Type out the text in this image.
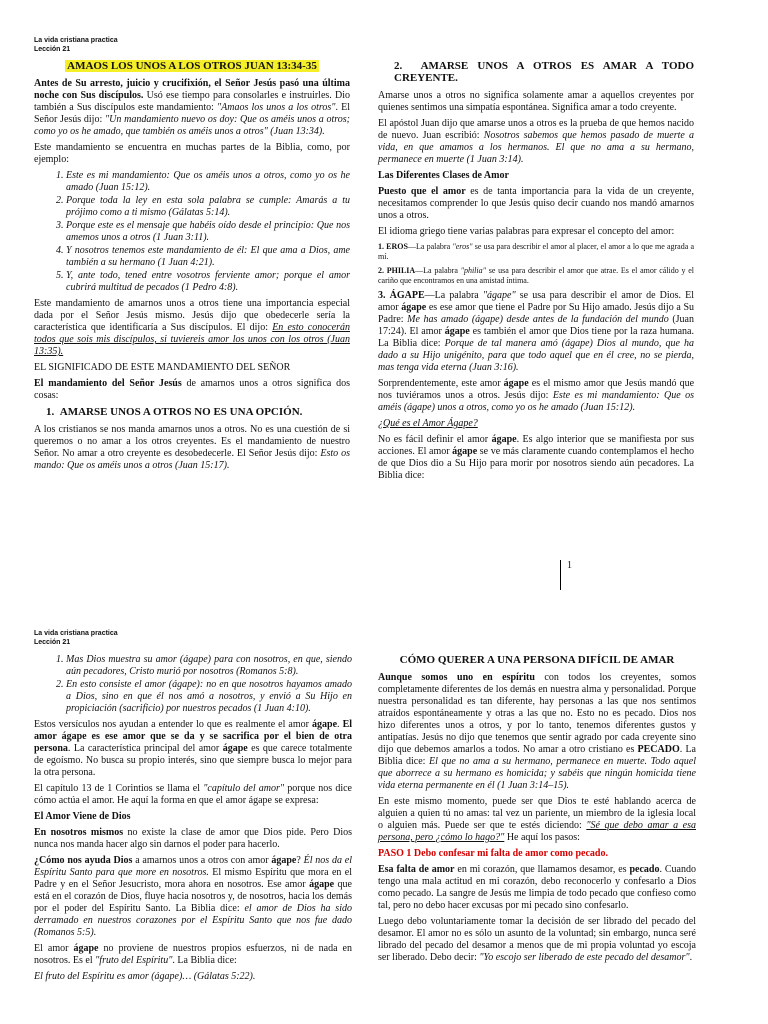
La vida cristiana practica
Lección 21
AMAOS LOS UNOS A LOS OTROS JUAN 13:34-35

Antes de Su arresto, juicio y crucifixión, el Señor Jesús pasó una última noche con Sus discípulos. Usó ese tiempo para consolarles e instruirles. Dio también a Sus discípulos este mandamiento: "Amaos los unos a los otros". El Señor Jesús dijo: "Un mandamiento nuevo os doy: Que os améis unos a otros; como yo os he amado, que también os améis unos a otros" (Juan 13:34).

Este mandamiento se encuentra en muchas partes de la Biblia, como, por ejemplo:

1. Este es mi mandamiento: Que os améis unos a otros, como yo os he amado (Juan 15:12).
2. Porque toda la ley en esta sola palabra se cumple: Amarás a tu prójimo como a ti mismo (Gálatas 5:14).
3. Porque este es el mensaje que habéis oído desde el principio: Que nos amemos unos a otros (1 Juan 3:11).
4. Y nosotros tenemos este mandamiento de él: El que ama a Dios, ame también a su hermano (1 Juan 4:21).
5. Y, ante todo, tened entre vosotros ferviente amor; porque el amor cubrirá multitud de pecados (1 Pedro 4:8).

Este mandamiento de amarnos unos a otros tiene una importancia especial dada por el Señor Jesús mismo. Jesús dijo que obedecerle sería la característica que identificaría a Sus discípulos. El dijo: En esto conocerán todos que sois mis discípulos, si tuviereis amor los unos con los otros (Juan 13:35).

EL SIGNIFICADO DE ESTE MANDAMIENTO DEL SEÑOR

El mandamiento del Señor Jesús de amarnos unos a otros significa dos cosas:

1. AMARSE UNOS A OTROS NO ES UNA OPCIÓN.

A los cristianos se nos manda amarnos unos a otros. No es una cuestión de si queremos o no amar a los otros creyentes. Es el mandamiento de nuestro Señor. No amar a otro creyente es desobedecerle. El Señor Jesús dijo: Esto os mando: Que os améis unos a otros (Juan 15:17).

2. AMARSE UNOS A OTROS ES AMAR A TODO CREYENTE.

Amarse unos a otros no significa solamente amar a aquellos creyentes por quienes sentimos una simpatía espontánea. Significa amar a todo creyente.

El apóstol Juan dijo que amarse unos a otros es la prueba de que hemos nacido de nuevo. Juan escribió: Nosotros sabemos que hemos pasado de muerte a vida, en que amamos a los hermanos. El que no ama a su hermano, permanece en muerte (1 Juan 3:14).

Las Diferentes Clases de Amor

Puesto que el amor es de tanta importancia para la vida de un creyente, necesitamos comprender lo que Jesús quiso decir cuando nos mandó amarnos unos a otros.

El idioma griego tiene varias palabras para expresar el concepto del amor:

1. EROS—La palabra "eros" se usa para describir el amor al placer, el amor a lo que me agrada a mí.

2. PHILIA—La palabra "philia" se usa para describir el amor que atrae. Es el amor cálido y el cariño que encontramos en una amistad íntima.

3. ÁGAPE—La palabra "ágape" se usa para describir el amor de Dios. El amor ágape es ese amor que tiene el Padre por Su Hijo amado. Jesús dijo a Su Padre: Me has amado (ágape) desde antes de la fundación del mundo (Juan 17:24). El amor ágape es también el amor que Dios tiene por la raza humana. La Biblia dice: Porque de tal manera amó (ágape) Dios al mundo, que ha dado a su Hijo unigénito, para que todo aquel que en él cree, no se pierda, mas tenga vida eterna (Juan 3:16).

Sorprendentemente, este amor ágape es el mismo amor que Jesús mandó que nos tuviéramos unos a otros. Jesús dijo: Este es mi mandamiento: Que os améis (ágape) unos a otros, como yo os he amado (Juan 15:12).

¿Qué es el Amor Ágape?

No es fácil definir el amor ágape. Es algo interior que se manifiesta por sus acciones. El amor ágape se ve más claramente cuando contemplamos el hecho de que Dios dio a Su Hijo para morir por nosotros siendo aún pecadores. La Biblia dice:

1
La vida cristiana practica
Lección 21
1. Mas Dios muestra su amor (ágape) para con nosotros, en que, siendo aún pecadores, Cristo murió por nosotros (Romanos 5:8).
2. En esto consiste el amor (ágape): no en que nosotros hayamos amado a Dios, sino en que él nos amó a nosotros, y envió a Su Hijo en propiciación (sacrificio) por nuestros pecados (1 Juan 4:10).

Estos versículos nos ayudan a entender lo que es realmente el amor ágape. El amor ágape es ese amor que se da y se sacrifica por el bien de otra persona. La característica principal del amor ágape es que carece totalmente de egoísmo. No busca su propio interés, sino que siempre busca lo mejor para la otra persona.

El capítulo 13 de 1 Corintios se llama el "capítulo del amor" porque nos dice cómo actúa el amor. He aquí la forma en que el amor ágape se expresa:

El Amor Viene de Dios

En nosotros mismos no existe la clase de amor que Dios pide. Pero Dios nunca nos manda hacer algo sin darnos el poder para hacerlo.

¿Cómo nos ayuda Dios a amarnos unos a otros con amor ágape? Él nos da el Espíritu Santo para que more en nosotros. El mismo Espíritu que mora en el Padre y en el Señor Jesucristo, mora ahora en nosotros. Ese amor ágape que está en el corazón de Dios, fluye hacia nosotros y, de nosotros, hacia los demás por el poder del Espíritu Santo. La Biblia dice: el amor de Dios ha sido derramado en nuestros corazones por el Espíritu Santo que nos fue dado (Romanos 5:5).

El amor ágape no proviene de nuestros propios esfuerzos, ni de nada en nosotros. Es el "fruto del Espíritu". La Biblia dice:

El fruto del Espíritu es amor (ágape)… (Gálatas 5:22).

CÓMO QUERER A UNA PERSONA DIFÍCIL DE AMAR

Aunque somos uno en espíritu con todos los creyentes, somos completamente diferentes de los demás en nuestra alma y personalidad. Porque nuestra personalidad es tan diferente, hay personas a las que nos sentimos atraídos espontáneamente y otras a las que no. Esto no es pecado. Dios nos hizo diferentes unos a otros, y por lo tanto, tenemos diferentes gustos y antipatías. Jesús no dijo que tenemos que sentir agrado por cada creyente sino dijo que debemos amarlos a todos. No amar a otro cristiano es PECADO. La Biblia dice: El que no ama a su hermano, permanece en muerte. Todo aquel que aborrece a su hermano es homicida; y sabéis que ningún homicida tiene vida eterna permanente en él (1 Juan 3:14–15).

En este mismo momento, puede ser que Dios te esté hablando acerca de alguien a quien tú no amas: tal vez un pariente, un miembro de la iglesia local o alguien más. Puede ser que te estés diciendo: "Sé que debo amar a esa persona, pero ¿cómo lo hago?" He aquí los pasos:

PASO 1 Debo confesar mi falta de amor como pecado.

Esa falta de amor en mi corazón, que llamamos desamor, es pecado. Cuando tengo una mala actitud en mi corazón, debo reconocerlo y confesarlo a Dios como pecado. La sangre de Jesús me limpia de todo pecado que confieso como tal, pero no debo hacer excusas por mi pecado sino confesarlo.

Luego debo voluntariamente tomar la decisión de ser librado del pecado del desamor. El amor no es sólo un asunto de la voluntad; sin embargo, nunca seré librado del pecado del desamor a menos que de mi propia voluntad yo escoja ser liberado. Debo decir: "Yo escojo ser liberado de este pecado del desamor".
